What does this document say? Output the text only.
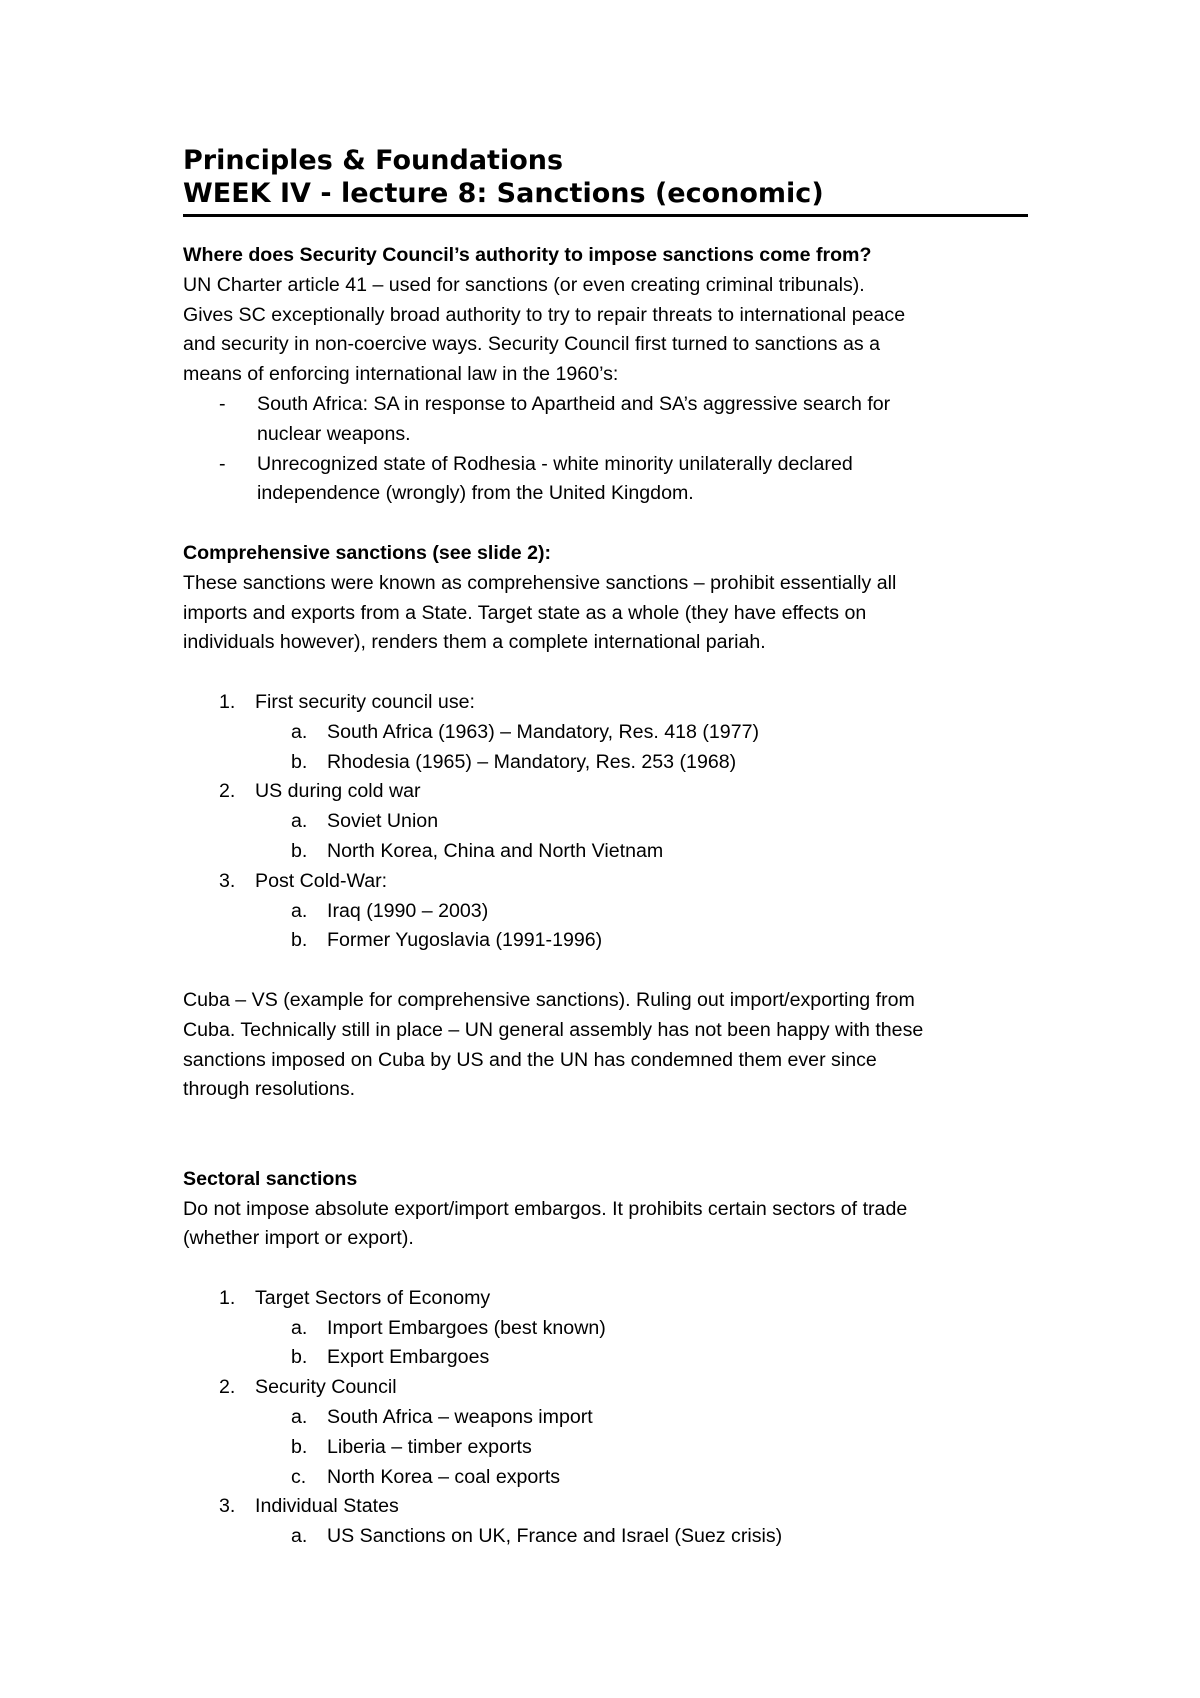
Principles & Foundations
WEEK IV - lecture 8: Sanctions (economic)

Where does Security Council’s authority to impose sanctions come from?

UN Charter article 41 – used for sanctions (or even creating criminal tribunals).

Gives SC exceptionally broad authority to try to repair threats to international peace

and security in non-coercive ways. Security Council first turned to sanctions as a

means of enforcing international law in the 1960’s:

- South Africa: SA in response to Apartheid and SA’s aggressive search for
nuclear weapons.
- Unrecognized state of Rodhesia - white minority unilaterally declared
independence (wrongly) from the United Kingdom.

Comprehensive sanctions (see slide 2):

These sanctions were known as comprehensive sanctions – prohibit essentially all

imports and exports from a State. Target state as a whole (they have effects on

individuals however), renders them a complete international pariah.

1. First security council use:
a. South Africa (1963) – Mandatory, Res. 418 (1977)
b. Rhodesia (1965) – Mandatory, Res. 253 (1968)
2. US during cold war
a. Soviet Union
b. North Korea, China and North Vietnam
3. Post Cold-War:
a. Iraq (1990 – 2003)
b. Former Yugoslavia (1991-1996)

Cuba – VS (example for comprehensive sanctions). Ruling out import/exporting from

Cuba. Technically still in place – UN general assembly has not been happy with these

sanctions imposed on Cuba by US and the UN has condemned them ever since

through resolutions.

Sectoral sanctions

Do not impose absolute export/import embargos. It prohibits certain sectors of trade

(whether import or export).

1. Target Sectors of Economy
a. Import Embargoes (best known)
b. Export Embargoes
2. Security Council
a. South Africa – weapons import
b. Liberia – timber exports
c. North Korea – coal exports
3. Individual States
a. US Sanctions on UK, France and Israel (Suez crisis)
